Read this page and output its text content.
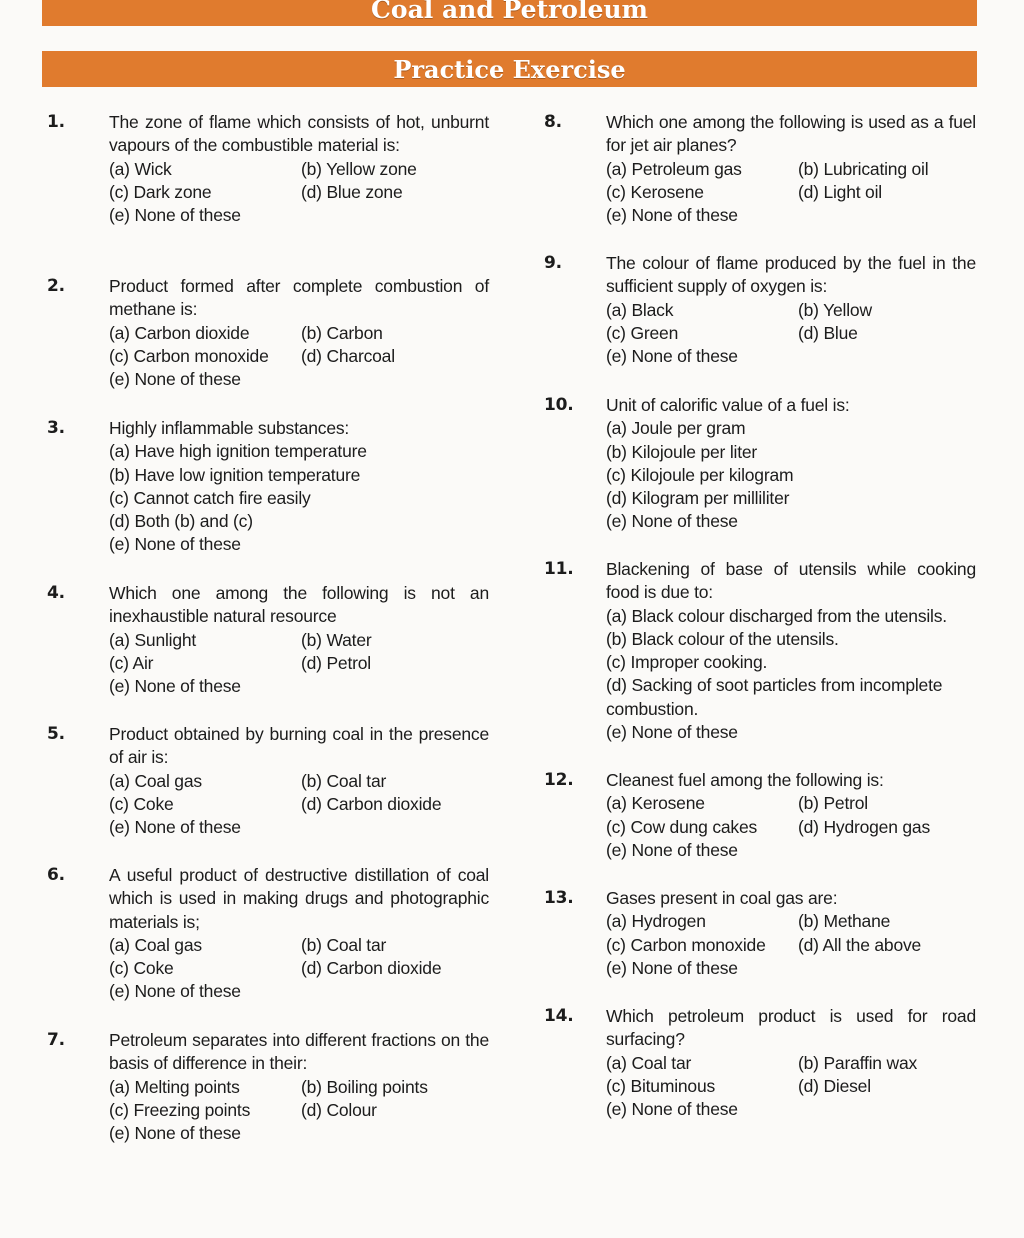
Coal and Petroleum
Practice Exercise
1.	The zone of flame which consists of hot, unburnt vapours of the combustible material is:
(a) Wick	(b) Yellow zone
(c) Dark zone	(d) Blue zone
(e) None of these
2.	Product formed after complete combustion of methane is:
(a) Carbon dioxide	(b) Carbon
(c) Carbon monoxide	(d) Charcoal
(e) None of these
3.	Highly inflammable substances:
(a) Have high ignition temperature
(b) Have low ignition temperature
(c) Cannot catch fire easily
(d) Both (b) and (c)
(e) None of these
4.	Which one among the following is not an inexhaustible natural resource
(a) Sunlight	(b) Water
(c) Air	(d) Petrol
(e) None of these
5.	Product obtained by burning coal in the presence of air is:
(a) Coal gas	(b) Coal tar
(c) Coke	(d) Carbon dioxide
(e) None of these
6.	A useful product of destructive distillation of coal which is used in making drugs and photographic materials is;
(a) Coal gas	(b) Coal tar
(c) Coke	(d) Carbon dioxide
(e) None of these
7.	Petroleum separates into different fractions on the basis of difference in their:
(a) Melting points	(b) Boiling points
(c) Freezing points	(d) Colour
(e) None of these
8.	Which one among the following is used as a fuel for jet air planes?
(a) Petroleum gas	(b) Lubricating oil
(c) Kerosene	(d) Light oil
(e) None of these
9.	The colour of flame produced by the fuel in the sufficient supply of oxygen is:
(a) Black	(b) Yellow
(c) Green	(d) Blue
(e) None of these
10. Unit of calorific value of a fuel is:
(a) Joule per gram
(b) Kilojoule per liter
(c) Kilojoule per kilogram
(d) Kilogram per milliliter
(e) None of these
11. Blackening of base of utensils while cooking food is due to:
(a) Black colour discharged from the utensils.
(b) Black colour of the utensils.
(c) Improper cooking.
(d) Sacking of soot particles from incomplete combustion.
(e) None of these
12. Cleanest fuel among the following is:
(a) Kerosene	(b) Petrol
(c) Cow dung cakes	(d) Hydrogen gas
(e) None of these
13. Gases present in coal gas are:
(a) Hydrogen	(b) Methane
(c) Carbon monoxide	(d) All the above
(e) None of these
14. Which petroleum product is used for road surfacing?
(a) Coal tar	(b) Paraffin wax
(c) Bituminous	(d) Diesel
(e) None of these
